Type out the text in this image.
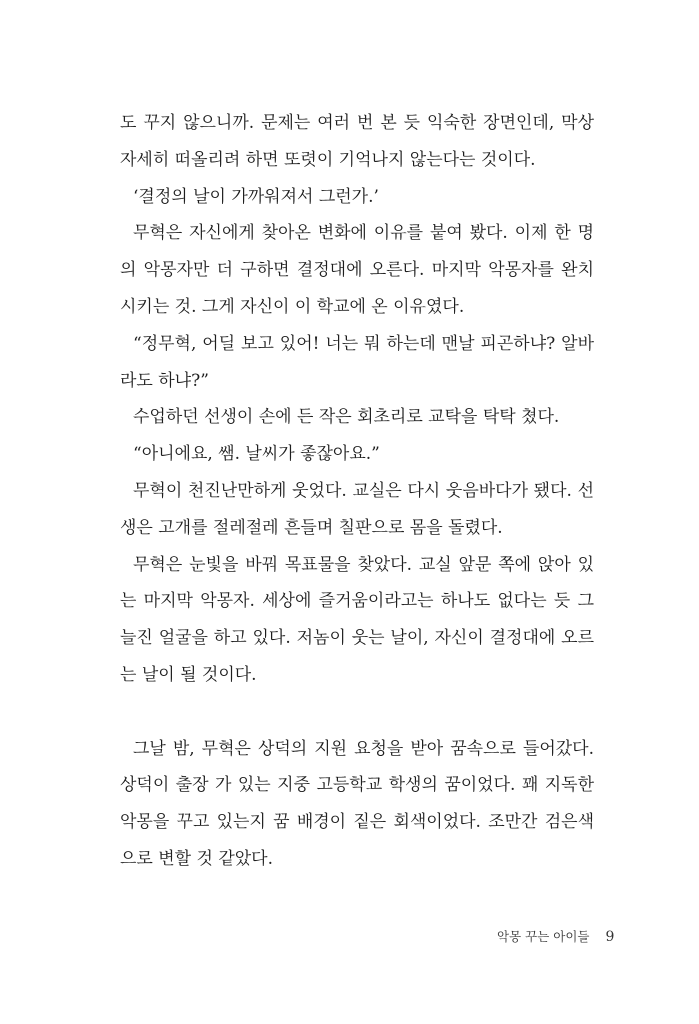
도 꾸지 않으니까. 문제는 여러 번 본 듯 익숙한 장면인데, 막상
자세히 떠올리려 하면 또렷이 기억나지 않는다는 것이다.
‘결정의 날이 가까워져서 그런가.’
무혁은 자신에게 찾아온 변화에 이유를 붙여 봤다. 이제 한 명
의 악몽자만 더 구하면 결정대에 오른다. 마지막 악몽자를 완치
시키는 것. 그게 자신이 이 학교에 온 이유였다.
“정무혁, 어딜 보고 있어! 너는 뭐 하는데 맨날 피곤하냐? 알바
라도 하냐?”
수업하던 선생이 손에 든 작은 회초리로 교탁을 탁탁 쳤다.
“아니에요, 쌤. 날씨가 좋잖아요.”
무혁이 천진난만하게 웃었다. 교실은 다시 웃음바다가 됐다. 선
생은 고개를 절레절레 흔들며 칠판으로 몸을 돌렸다.
무혁은 눈빛을 바꿔 목표물을 찾았다. 교실 앞문 쪽에 앉아 있
는 마지막 악몽자. 세상에 즐거움이라고는 하나도 없다는 듯 그
늘진 얼굴을 하고 있다. 저놈이 웃는 날이, 자신이 결정대에 오르
는 날이 될 것이다.
그날 밤, 무혁은 상덕의 지원 요청을 받아 꿈속으로 들어갔다.
상덕이 출장 가 있는 지중 고등학교 학생의 꿈이었다. 꽤 지독한
악몽을 꾸고 있는지 꿈 배경이 짙은 회색이었다. 조만간 검은색
으로 변할 것 같았다.
악몽 꾸는 아이들 9
